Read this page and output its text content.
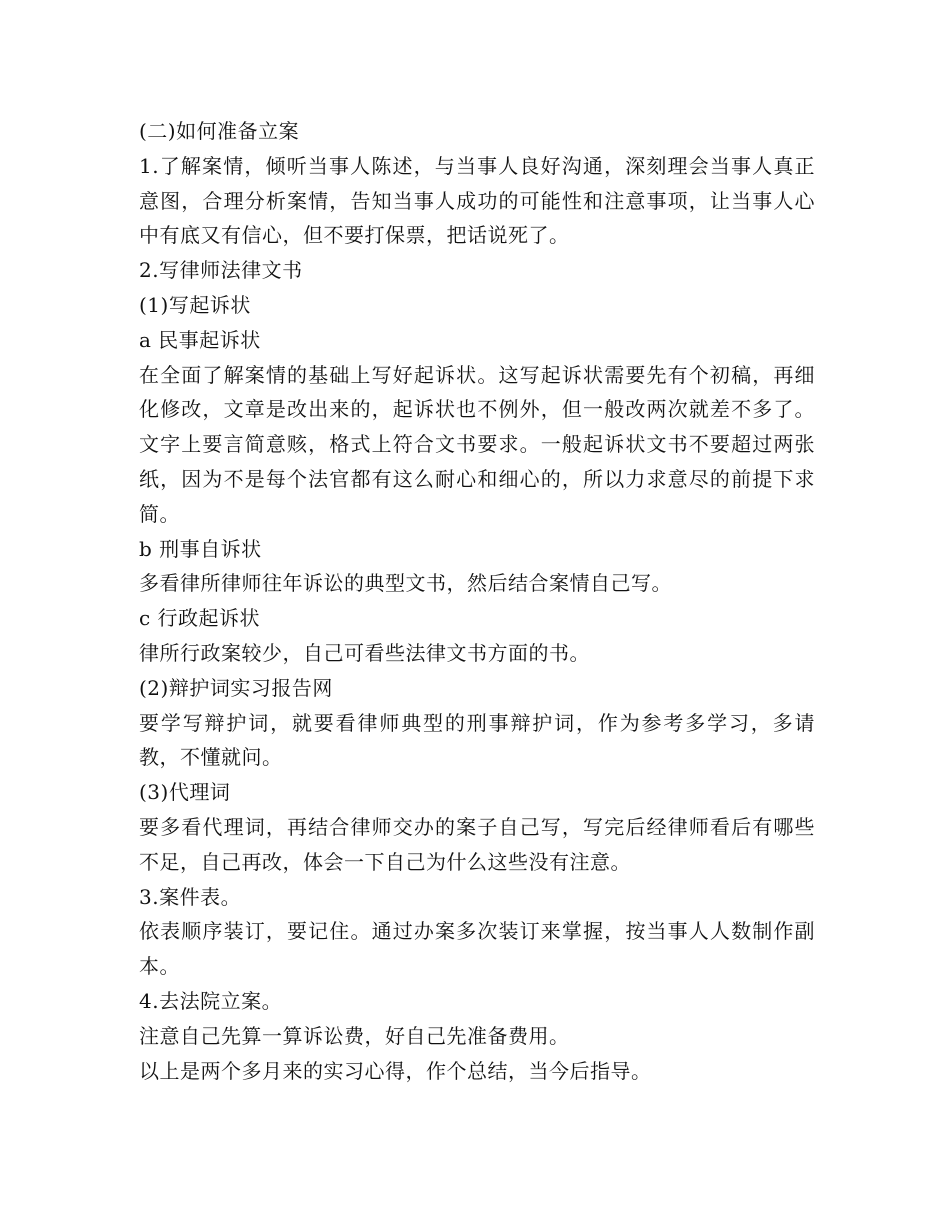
(二)如何准备立案

1.了解案情，倾听当事人陈述，与当事人良好沟通，深刻理会当事人真正意图，合理分析案情，告知当事人成功的可能性和注意事项，让当事人心中有底又有信心，但不要打保票，把话说死了。

2.写律师法律文书

(1)写起诉状

a 民事起诉状

在全面了解案情的基础上写好起诉状。这写起诉状需要先有个初稿，再细化修改，文章是改出来的，起诉状也不例外，但一般改两次就差不多了。文字上要言简意赅，格式上符合文书要求。一般起诉状文书不要超过两张纸，因为不是每个法官都有这么耐心和细心的，所以力求意尽的前提下求简。

b 刑事自诉状

多看律所律师往年诉讼的典型文书，然后结合案情自己写。

c 行政起诉状

律所行政案较少，自己可看些法律文书方面的书。

(2)辩护词实习报告网

要学写辩护词，就要看律师典型的刑事辩护词，作为参考多学习，多请教，不懂就问。

(3)代理词

要多看代理词，再结合律师交办的案子自己写，写完后经律师看后有哪些不足，自己再改，体会一下自己为什么这些没有注意。

3.案件表。

依表顺序装订，要记住。通过办案多次装订来掌握，按当事人人数制作副本。

4.去法院立案。

注意自己先算一算诉讼费，好自己先准备费用。

以上是两个多月来的实习心得，作个总结，当今后指导。
